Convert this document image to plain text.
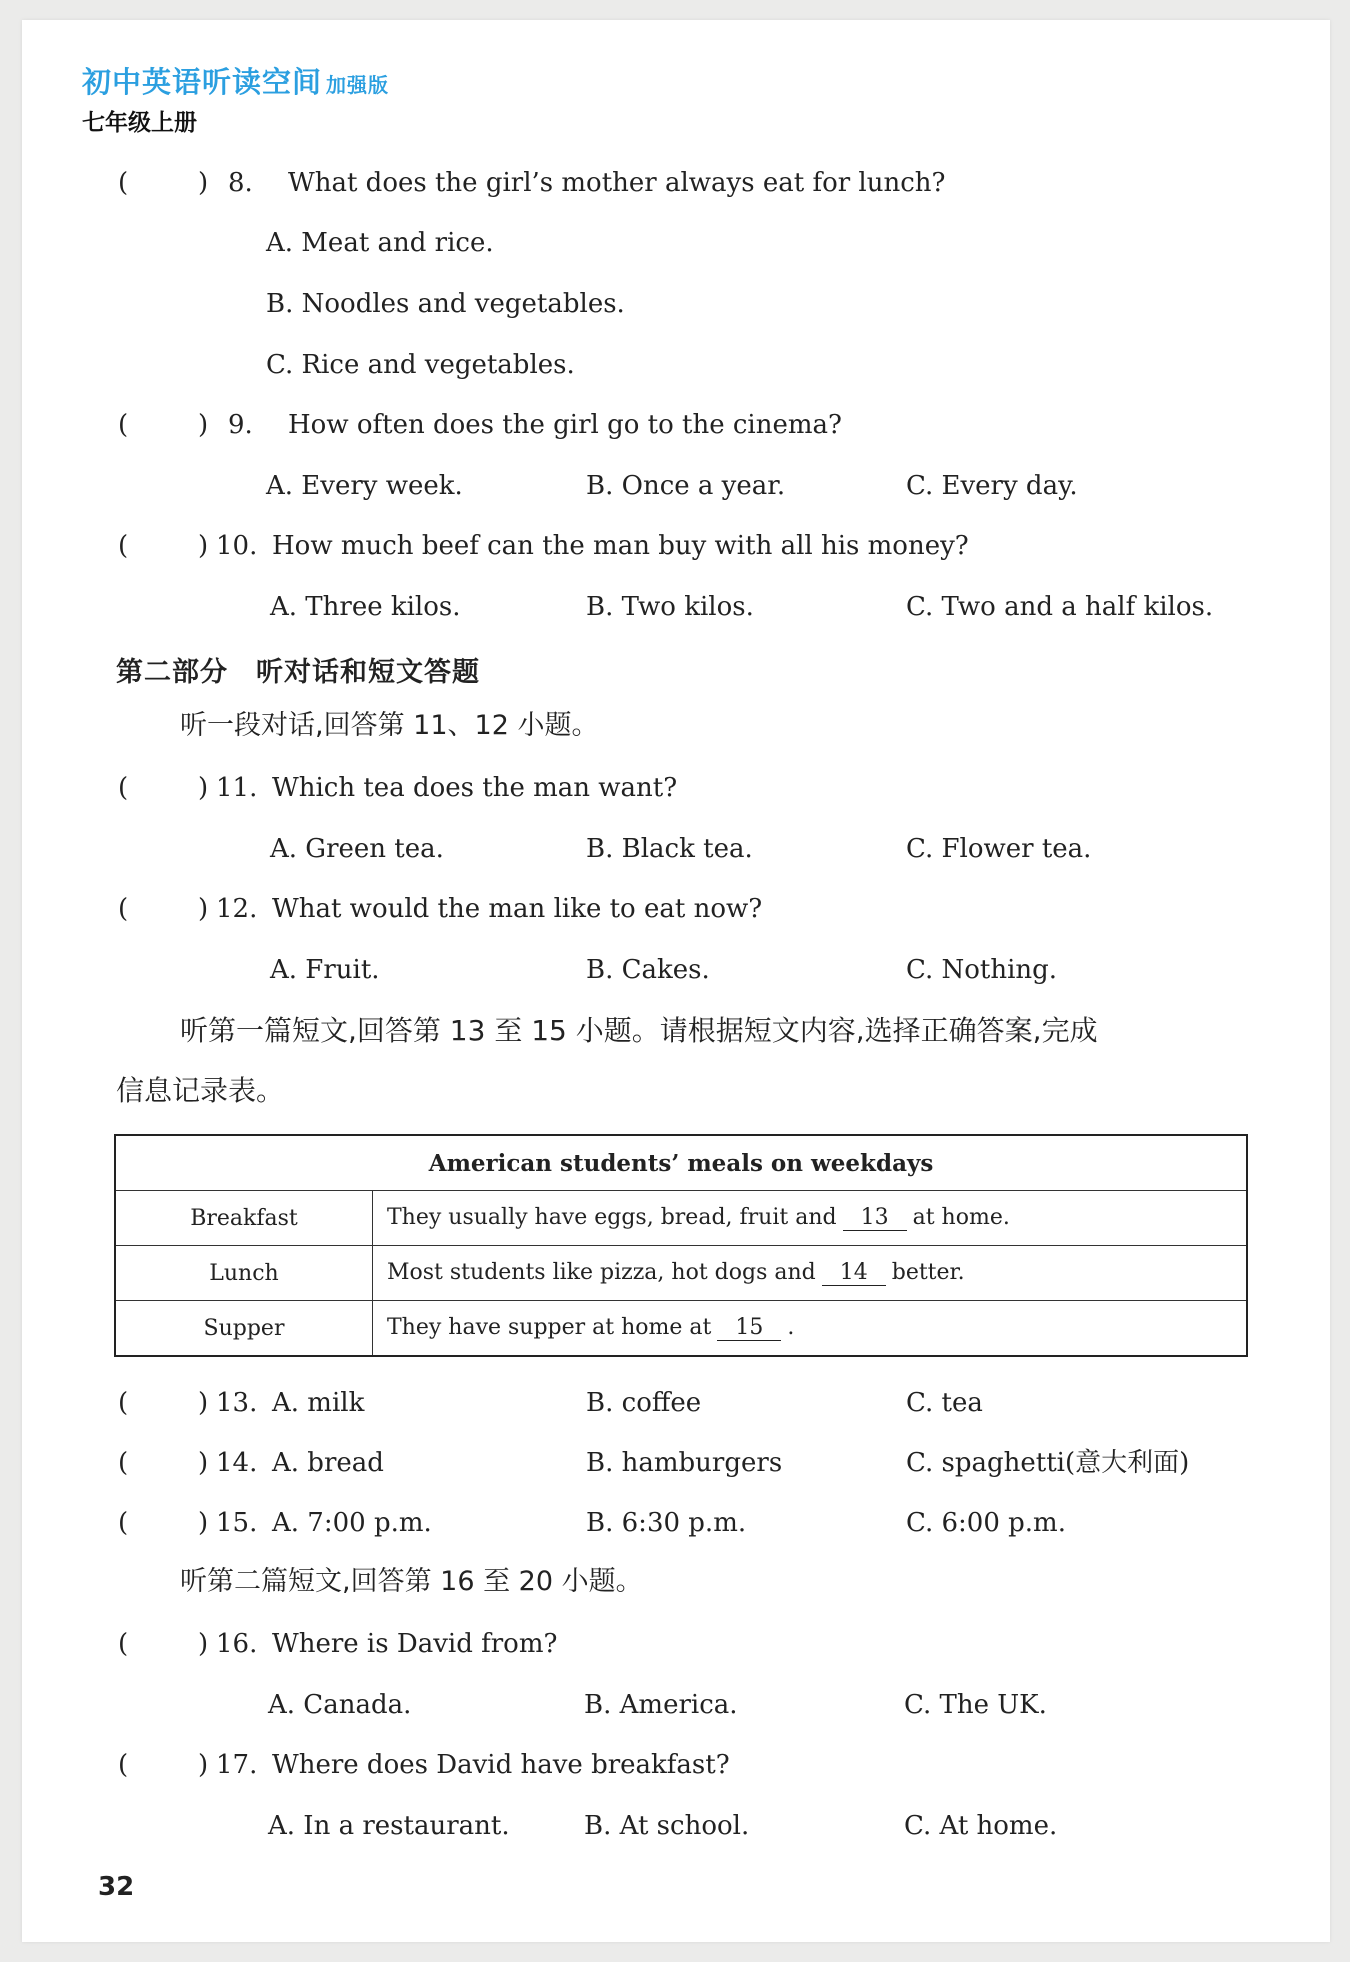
初中英语听读空间 加强版
七年级上册
(	) 8. What does the girl’s mother always eat for lunch?
A. Meat and rice.
B. Noodles and vegetables.
C. Rice and vegetables.
(	) 9. How often does the girl go to the cinema?
A. Every week.	B. Once a year.	C. Every day.
(	) 10. How much beef can the man buy with all his money?
A. Three kilos.	B. Two kilos.	C. Two and a half kilos.
第二部分　听对话和短文答题
听一段对话,回答第 11、12 小题。
(	) 11. Which tea does the man want?
A. Green tea.	B. Black tea.	C. Flower tea.
(	) 12. What would the man like to eat now?
A. Fruit.	B. Cakes.	C. Nothing.
听第一篇短文,回答第 13 至 15 小题。请根据短文内容,选择正确答案,完成
信息记录表。
American students’ meals on weekdays	
Breakfast	They usually have eggs, bread, fruit and 13 at home.
Lunch	Most students like pizza, hot dogs and 14 better.
Supper	They have supper at home at 15 .
(	) 13. A. milk	B. coffee	C. tea
(	) 14. A. bread	B. hamburgers	C. spaghetti(意大利面)
(	) 15. A. 7:00 p.m.	B. 6:30 p.m.	C. 6:00 p.m.
听第二篇短文,回答第 16 至 20 小题。
(	) 16. Where is David from?
A. Canada.	B. America.	C. The UK.
(	) 17. Where does David have breakfast?
A. In a restaurant.	B. At school.	C. At home.
32
